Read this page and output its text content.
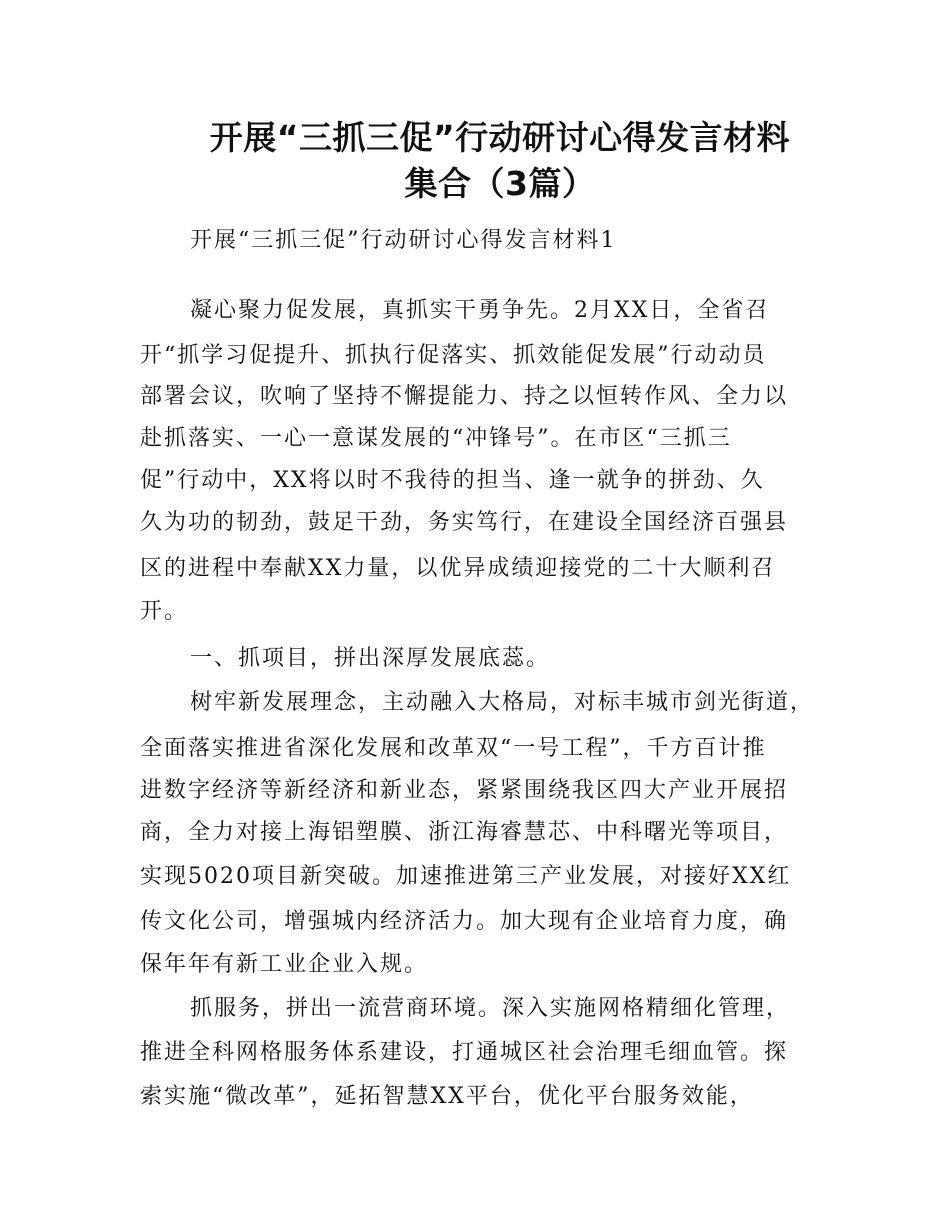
开展“三抓三促”行动研讨心得发言材料
集合（3篇）
开展“三抓三促”行动研讨心得发言材料1
凝心聚力促发展，真抓实干勇争先。2月XX日，全省召
开“抓学习促提升、抓执行促落实、抓效能促发展”行动动员
部署会议，吹响了坚持不懈提能力、持之以恒转作风、全力以
赴抓落实、一心一意谋发展的“冲锋号”。在市区“三抓三
促”行动中，XX将以时不我待的担当、逢一就争的拼劲、久
久为功的韧劲，鼓足干劲，务实笃行，在建设全国经济百强县
区的进程中奉献XX力量，以优异成绩迎接党的二十大顺利召
开。
一、抓项目，拼出深厚发展底蕊。
树牢新发展理念，主动融入大格局，对标丰城市剑光街道，
全面落实推进省深化发展和改革双“一号工程”，千方百计推
进数字经济等新经济和新业态，紧紧围绕我区四大产业开展招
商，全力对接上海铝塑膜、浙江海睿慧芯、中科曙光等项目，
实现5020项目新突破。加速推进第三产业发展，对接好XX红
传文化公司，增强城内经济活力。加大现有企业培育力度，确
保年年有新工业企业入规。
抓服务，拼出一流营商环境。深入实施网格精细化管理，
推进全科网格服务体系建设，打通城区社会治理毛细血管。探
索实施“微改革”，延拓智慧XX平台，优化平台服务效能，
